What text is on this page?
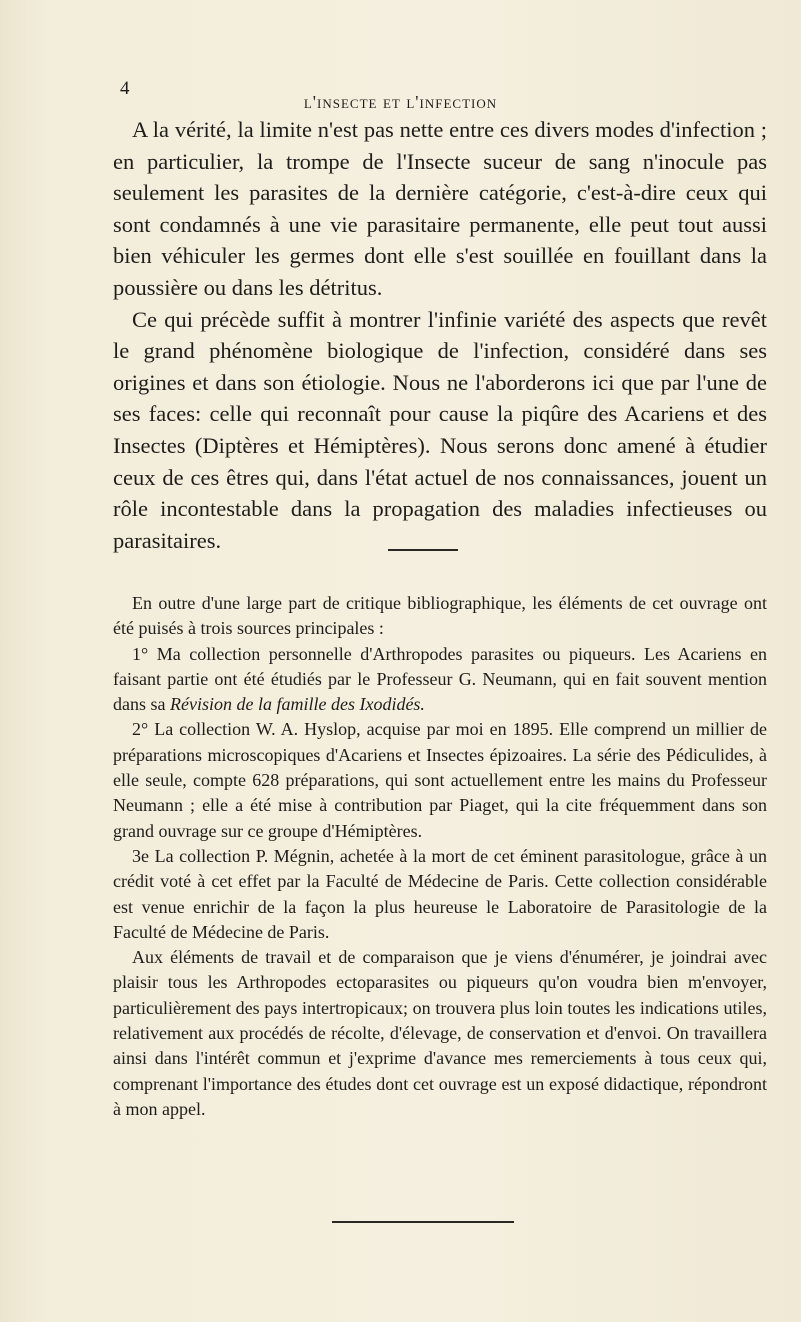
4
l'insecte et l'infection

A la vérité, la limite n'est pas nette entre ces divers modes d'infection ; en particulier, la trompe de l'Insecte suceur de sang n'inocule pas seulement les parasites de la dernière catégorie, c'est-à-dire ceux qui sont condamnés à une vie parasitaire permanente, elle peut tout aussi bien véhiculer les germes dont elle s'est souillée en fouillant dans la poussière ou dans les détritus.

Ce qui précède suffit à montrer l'infinie variété des aspects que revêt le grand phénomène biologique de l'infection, considéré dans ses origines et dans son étiologie. Nous ne l'aborderons ici que par l'une de ses faces: celle qui reconnaît pour cause la piqûre des Acariens et des Insectes (Diptères et Hémiptères). Nous serons donc amené à étudier ceux de ces êtres qui, dans l'état actuel de nos connaissances, jouent un rôle incontestable dans la propagation des maladies infectieuses ou parasitaires.

En outre d'une large part de critique bibliographique, les éléments de cet ouvrage ont été puisés à trois sources principales :

1° Ma collection personnelle d'Arthropodes parasites ou piqueurs. Les Acariens en faisant partie ont été étudiés par le Professeur G. Neumann, qui en fait souvent mention dans sa Révision de la famille des Ixodidés.

2° La collection W. A. Hyslop, acquise par moi en 1895. Elle comprend un millier de préparations microscopiques d'Acariens et Insectes épizoaires. La série des Pédiculides, à elle seule, compte 628 préparations, qui sont actuellement entre les mains du Professeur Neumann ; elle a été mise à contribution par Piaget, qui la cite fréquemment dans son grand ouvrage sur ce groupe d'Hémiptères.

3e La collection P. Mégnin, achetée à la mort de cet éminent parasitologue, grâce à un crédit voté à cet effet par la Faculté de Médecine de Paris. Cette collection considérable est venue enrichir de la façon la plus heureuse le Laboratoire de Parasitologie de la Faculté de Médecine de Paris.

Aux éléments de travail et de comparaison que je viens d'énumérer, je joindrai avec plaisir tous les Arthropodes ectoparasites ou piqueurs qu'on voudra bien m'envoyer, particulièrement des pays intertropicaux; on trouvera plus loin toutes les indications utiles, relativement aux procédés de récolte, d'élevage, de conservation et d'envoi. On travaillera ainsi dans l'intérêt commun et j'exprime d'avance mes remerciements à tous ceux qui, comprenant l'importance des études dont cet ouvrage est un exposé didactique, répondront à mon appel.
